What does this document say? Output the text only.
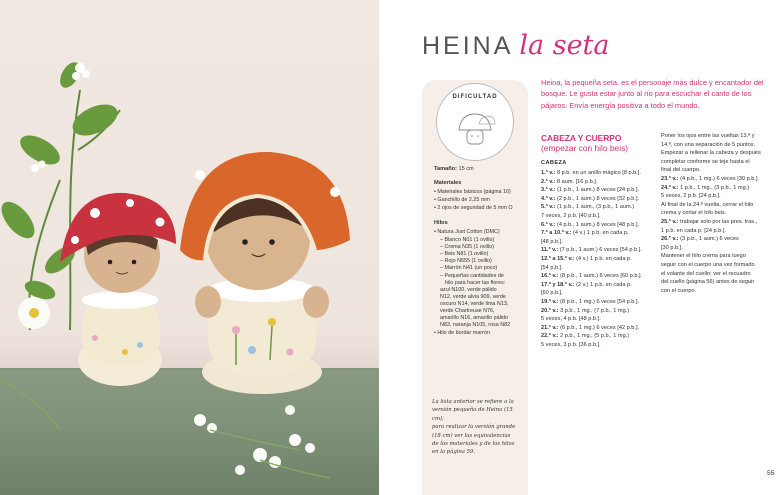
HEINA la seta
Heina, la pequeña seta, es el personaje más dulce y encantador del bosque. Le gusta estar junto al río para escuchar el canto de los pájaros. Envía energía positiva a todo el mundo.
DIFICULTAD
Tamaño: 15 cm
Materiales
• Materiales básicos (página 10)
• Ganchillo de 2,25 mm
• 2 ojos de seguridad de 5 mm O
Hilos
• Natura Just Cotton (DMC)
– Blanco N01 (1 ovillo)
– Crema N35 (1 ovillo)
– Beis N81 (1 ovillo)
– Rojo N555 (1 ovillo)
– Marrón N41 (un poco)
– Pequeñas cantidades de
hilo para hacer las flores:
azul N100, verde pálido
N12, verde alvia 909, verde
oscuro N14, verde lima N13,
verde Chartreuse N76,
amarillo N16, amarillo pálido
N83, naranja N105, rosa N82
• Hilo de bordar marrón
La lista anterior se refiere a la
versión pequeña de Heina (15 cm);
para realizar la versión grande
(18 cm) ver las equivalencias
de los materiales y de los hilos
en la página 59.
CABEZA Y CUERPO
(empezar con hilo beis)
CABEZA
1.ª v.: 8 p.b. en un anillo mágico [8 p.b.].
2.ª v.: 8 aum. [16 p.b.].
3.ª v.: (1 p.b., 1 aum.) 8 veces [24 p.b.].
4.ª v.: (2 p.b., 1 aum.) 8 veces [32 p.b.].
5.ª v.: (1 p.b., 1 aum., (3 p.b., 1 aum.)
7 veces, 2 p.b. [40 p.b.].
6.ª v.: (4 p.b., 1 aum.) 8 veces [48 p.b.].
7.ª a 10.ª v.: (4 v.) 1 p.b. en cada p.
[48 p.b.].
11.ª v.: (7 p.b., 1 aum.) 6 veces [54 p.b.].
12.ª a 15.ª v.: (4 v.) 1 p.b. en cada p.
[54 p.b.].
16.ª v.: (8 p.b., 1 aum.) 6 veces [60 p.b.].
17.ª y 18.ª v.: (2 v.) 1 p.b. en cada p.
[60 p.b.].
19.ª v.: (8 p.b., 1 mg.) 6 veces [54 p.b.].
20.ª v.: 3 p.b., 1 mg., (7 p.b., 1 mg.)
5 veces, 4 p.b. [48 p.b.].
21.ª v.: (6 p.b., 1 mg.) 6 veces [42 p.b.].
22.ª v.: 2 p.b., 1 mg., (5 p.b., 1 mg.)
5 veces, 3 p.b. [36 p.b.].
Poner los ojos entre las vueltas 13.ª y
14.ª, con una separación de 5 puntos.
Empezar a rellenar la cabeza y después
completar conforme se teje hasta el
final del cuerpo.
23.ª v.: (4 p.b., 1 mg.) 6 veces [30 p.b.].
24.ª v.: 1 p.b., 1 mg., (3 p.b., 1 mg.)
5 veces, 2 p.b. [24 p.b.].
Al final de la 24.ª vuelta, cerrar el hilo
crema y cortar el hilo beis.
25.ª v.: trabajar solo por las pres. tras.,
1 p.b. en cada p. [24 p.b.].
26.ª v.: (3 p.b., 1 aum.) 6 veces
[30 p.b.].
Mantener el hilo crema para luego
seguir con el cuerpo una vez formado
el volante del cuello; ver el recuadro
del cuello (página 56) antes de seguir
con el cuerpo.
55
